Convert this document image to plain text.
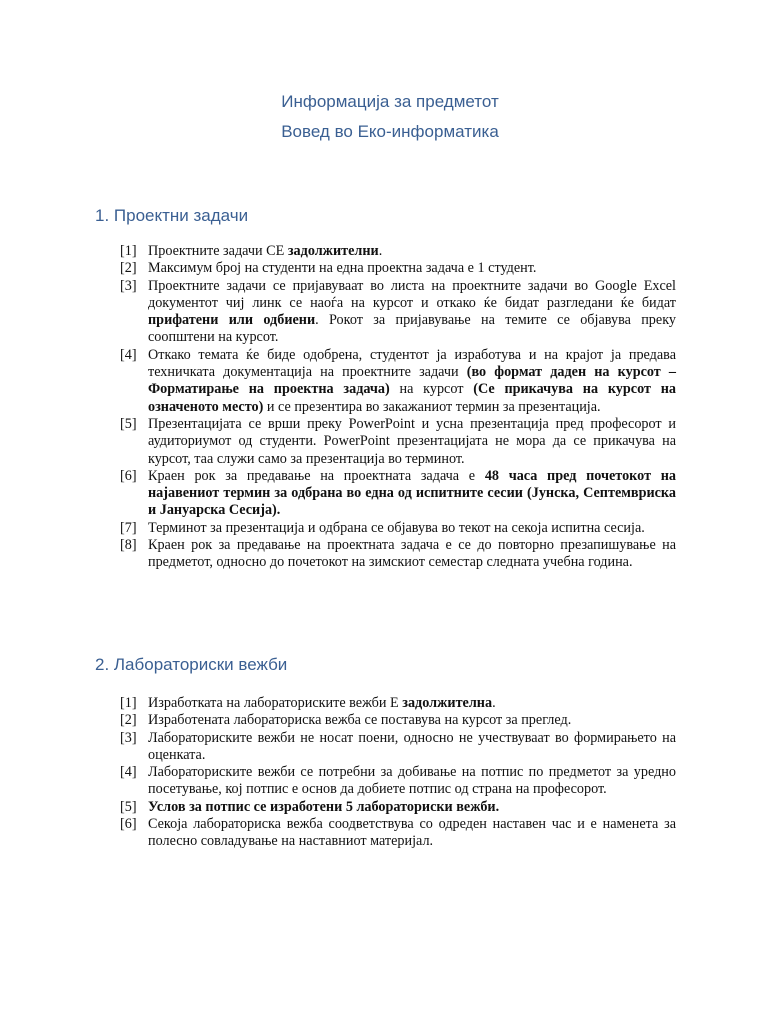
Информација за предметот
Вовед во Еко-информатика
1. Проектни задачи
[1] Проектните задачи СЕ задолжителни.
[2] Максимум број на студенти на една проектна задача е 1 студент.
[3] Проектните задачи се пријавуваат во листа на проектните задачи во Google Excel документот чиј линк се наоѓа на курсот и откако ќе бидат разгледани ќе бидат прифатени или одбиени. Рокот за пријавување на темите се објавува преку соопштени на курсот.
[4] Откако темата ќе биде одобрена, студентот ја изработува и на крајот ја предава техничката документација на проектните задачи (во формат даден на курсот – Форматирање на проектна задача) на курсот (Се прикачува на курсот на означеното место) и се презентира во закажаниот термин за презентација.
[5] Презентацијата се врши преку PowerPoint и усна презентација пред професорот и аудиториумот од студенти. PowerPoint презентацијата не мора да се прикачува на курсот, таа служи само за презентација во терминот.
[6] Краен рок за предавање на проектната задача е 48 часа пред почетокот на најавениот термин за одбрана во една од испитните сесии (Јунска, Септемвриска и Јануарска Сесија).
[7] Терминот за презентација и одбрана се објавува во текот на секоја испитна сесија.
[8] Краен рок за предавање на проектната задача е се до повторно презапишување на предметот, односно до почетокот на зимскиот семестар следната учебна година.
2. Лабораториски вежби
[1] Изработката на лабораториските вежби Е задолжителна.
[2] Изработената лабораториска вежба се поставува на курсот за преглед.
[3] Лабораториските вежби не носат поени, односно не учествуваат во формирањето на оценката.
[4] Лабораториските вежби се потребни за добивање на потпис по предметот за уредно посетување, кој потпис е основ да добиете потпис од страна на професорот.
[5] Услов за потпис се изработени 5 лабораториски вежби.
[6] Секоја лабораториска вежба соодветствува со одреден наставен час и е наменета за полесно совладување на наставниот материјал.
